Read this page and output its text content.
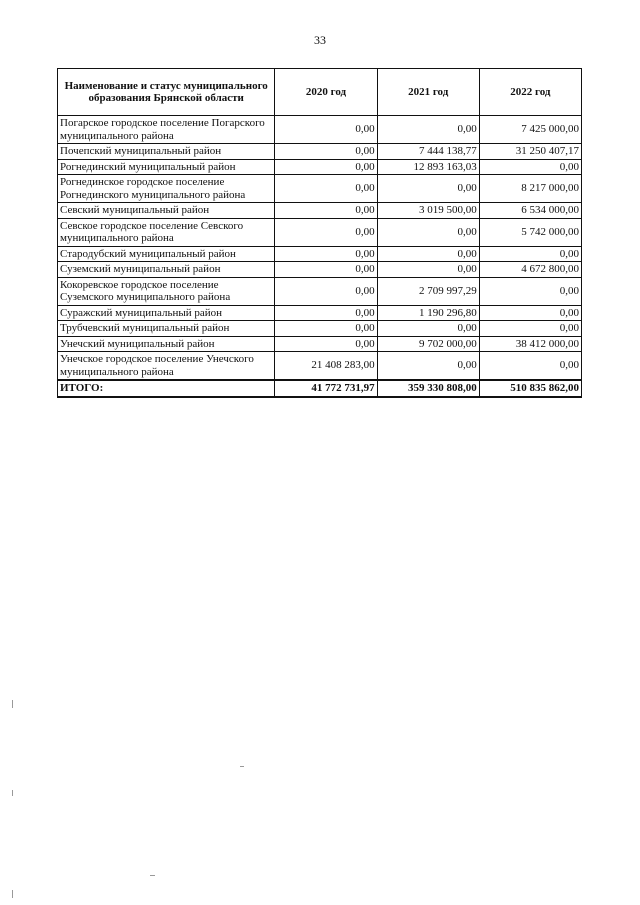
33
Наименование и статус муниципального образования Брянской области	2020 год	2021 год	2022 год
Погарское городское поселение Погарского муниципального района	0,00	0,00	7 425 000,00
Почепский муниципальный район	0,00	7 444 138,77	31 250 407,17
Рогнединский муниципальный район	0,00	12 893 163,03	0,00
Рогнединское городское поселение Рогнединского муниципального района	0,00	0,00	8 217 000,00
Севский муниципальный район	0,00	3 019 500,00	6 534 000,00
Севское городское поселение Севского муниципального района	0,00	0,00	5 742 000,00
Стародубский муниципальный район	0,00	0,00	0,00
Суземский муниципальный район	0,00	0,00	4 672 800,00
Кокоревское городское поселение Суземского муниципального района	0,00	2 709 997,29	0,00
Суражский муниципальный район	0,00	1 190 296,80	0,00
Трубчевский муниципальный район	0,00	0,00	0,00
Унечский муниципальный район	0,00	9 702 000,00	38 412 000,00
Унечское городское поселение Унечского муниципального района	21 408 283,00	0,00	0,00
ИТОГО:	41 772 731,97	359 330 808,00	510 835 862,00
